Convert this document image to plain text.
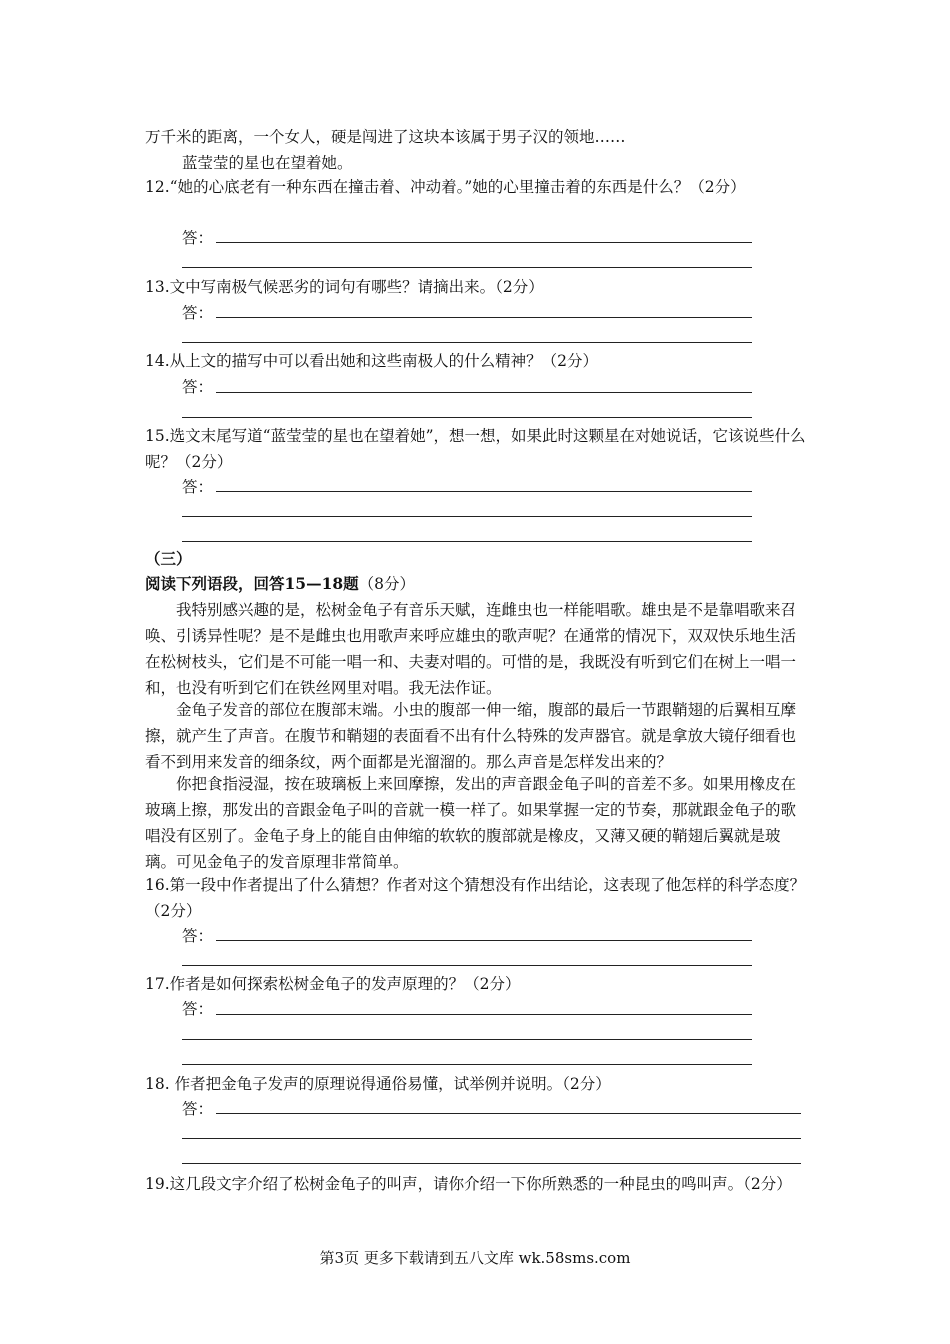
万千米的距离，一个女人，硬是闯进了这块本该属于男子汉的领地……
蓝莹莹的星也在望着她。
12.“她的心底老有一种东西在撞击着、冲动着。”她的心里撞击着的东西是什么？（2分）
答：
13.文中写南极气候恶劣的词句有哪些？请摘出来。（2分）
答：
14.从上文的描写中可以看出她和这些南极人的什么精神？（2分）
答：
15.选文末尾写道“蓝莹莹的星也在望着她”，想一想，如果此时这颗星在对她说话，它该说些什么呢？（2分）
答：
（三）
阅读下列语段，回答15—18题（8分）
我特别感兴趣的是，松树金龟子有音乐天赋，连雌虫也一样能唱歌。雄虫是不是靠唱歌来召唤、引诱异性呢？是不是雌虫也用歌声来呼应雄虫的歌声呢？在通常的情况下，双双快乐地生活在松树枝头，它们是不可能一唱一和、夫妻对唱的。可惜的是，我既没有听到它们在树上一唱一和，也没有听到它们在铁丝网里对唱。我无法作证。
金龟子发音的部位在腹部末端。小虫的腹部一伸一缩，腹部的最后一节跟鞘翅的后翼相互摩擦，就产生了声音。在腹节和鞘翅的表面看不出有什么特殊的发声器官。就是拿放大镜仔细看也看不到用来发音的细条纹，两个面都是光溜溜的。那么声音是怎样发出来的？
你把食指浸湿，按在玻璃板上来回摩擦，发出的声音跟金龟子叫的音差不多。如果用橡皮在玻璃上擦，那发出的音跟金龟子叫的音就一模一样了。如果掌握一定的节奏，那就跟金龟子的歌唱没有区别了。金龟子身上的能自由伸缩的软软的腹部就是橡皮，又薄又硬的鞘翅后翼就是玻璃。可见金龟子的发音原理非常简单。
16.第一段中作者提出了什么猜想？作者对这个猜想没有作出结论，这表现了他怎样的科学态度？（2分）
答：
17.作者是如何探索松树金龟子的发声原理的？（2分）
答：
18. 作者把金龟子发声的原理说得通俗易懂，试举例并说明。（2分）
答：
19.这几段文字介绍了松树金龟子的叫声，请你介绍一下你所熟悉的一种昆虫的鸣叫声。（2分）
第3页 更多下载请到五八文库 wk.58sms.com
